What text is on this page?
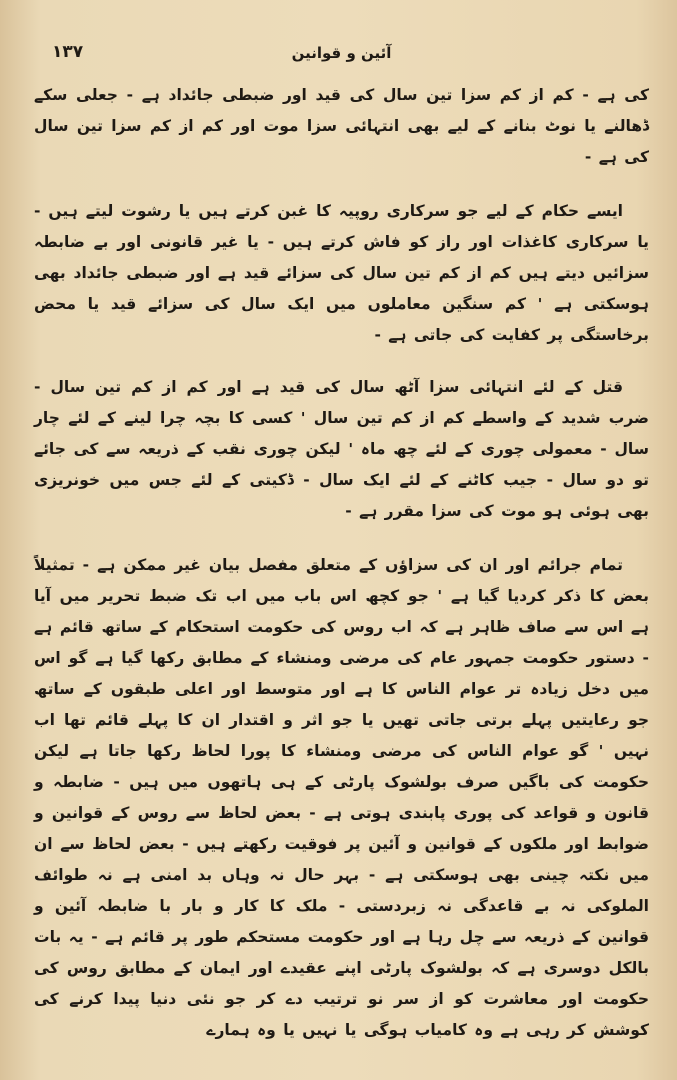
۱۳۷	آئین و قوانین

کی ہے - کم از کم سزا تین سال کی قید اور ضبطی جائداد ہے - جعلی سکے ڈھالنے یا نوٹ بنانے کے لیے بھی انتہائی سزا موت اور کم از کم سزا تین سال کی ہے -

ایسے حکام کے لیے جو سرکاری روپیہ کا غبن کرتے ہیں یا رشوت لیتے ہیں - یا سرکاری کاغذات اور راز کو فاش کرتے ہیں - یا غیر قانونی اور بے ضابطہ سزائیں دیتے ہیں کم از کم تین سال کی سزائے قید ہے اور ضبطی جائداد بھی ہوسکتی ہے ' کم سنگین معاملوں میں ایک سال کی سزائے قید یا محض برخاستگی پر کفایت کی جاتی ہے -

قتل کے لئے انتہائی سزا آٹھ سال کی قید ہے اور کم از کم تین سال - ضرب شدید کے واسطے کم از کم تین سال ' کسی کا بچہ چرا لینے کے لئے چار سال - معمولی چوری کے لئے چھ ماہ ' لیکن چوری نقب کے ذریعہ سے کی جائے تو دو سال - جیب کاٹنے کے لئے ایک سال - ڈکیتی کے لئے جس میں خونریزی بھی ہوئی ہو موت کی سزا مقرر ہے -

تمام جرائم اور ان کی سزاؤں کے متعلق مفصل بیان غیر ممکن ہے - تمثیلاً بعض کا ذکر کردیا گیا ہے ' جو کچھ اس باب میں اب تک ضبط تحریر میں آیا ہے اس سے صاف ظاہر ہے کہ اب روس کی حکومت استحکام کے ساتھ قائم ہے - دستور حکومت جمہور عام کی مرضی ومنشاء کے مطابق رکھا گیا ہے گو اس میں دخل زیادہ تر عوام الناس کا ہے اور متوسط اور اعلی طبقوں کے ساتھ جو رعایتیں پہلے برتی جاتی تھیں یا جو اثر و اقتدار ان کا پہلے قائم تھا اب نہیں ' گو عوام الناس کی مرضی ومنشاء کا پورا لحاظ رکھا جاتا ہے لیکن حکومت کی باگیں صرف بولشوک پارٹی کے ہی ہاتھوں میں ہیں - ضابطہ و قانون و قواعد کی پوری پابندی ہوتی ہے - بعض لحاظ سے روس کے قوانین و ضوابط اور ملکوں کے قوانین و آئین پر فوقیت رکھتے ہیں - بعض لحاظ سے ان میں نکتہ چینی بھی ہوسکتی ہے - بہر حال نہ وہاں بد امنی ہے نہ طوائف الملوکی نہ بے قاعدگی نہ زبردستی - ملک کا کار و بار با ضابطہ آئین و قوانین کے ذریعہ سے چل رہا ہے اور حکومت مستحکم طور پر قائم ہے - یہ بات بالکل دوسری ہے کہ بولشوک پارٹی اپنے عقیدے اور ایمان کے مطابق روس کی حکومت اور معاشرت کو از سر نو ترتیب دے کر جو نئی دنیا پیدا کرنے کی کوشش کر رہی ہے وہ کامیاب ہوگی یا نہیں یا وہ ہمارے
